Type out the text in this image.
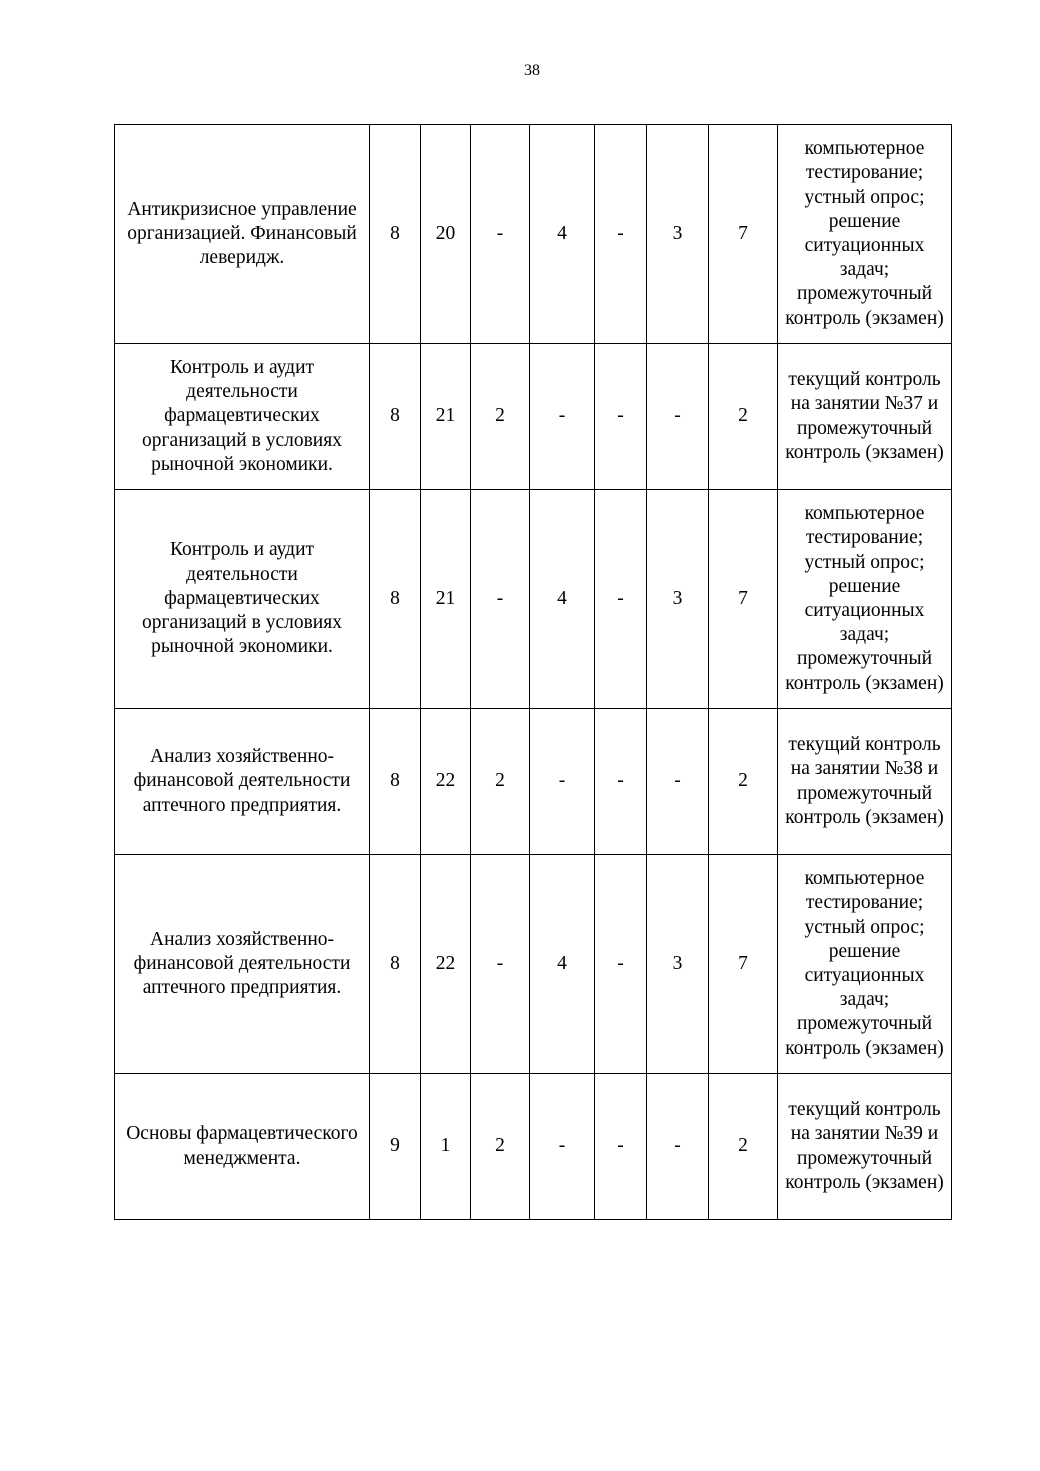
38
Антикризисное управление организацией. Финансовый леверидж.	8	20	-	4	-	3	7	компьютерное тестирование; устный опрос; решение ситуационных задач; промежуточный контроль (экзамен)
Контроль и аудит деятельности фармацевтических организаций в условиях рыночной экономики.	8	21	2	-	-	-	2	текущий контроль на занятии №37 и промежуточный контроль (экзамен)
Контроль и аудит деятельности фармацевтических организаций в условиях рыночной экономики.	8	21	-	4	-	3	7	компьютерное тестирование; устный опрос; решение ситуационных задач; промежуточный контроль (экзамен)
Анализ хозяйственно-финансовой деятельности аптечного предприятия.	8	22	2	-	-	-	2	текущий контроль на занятии №38 и промежуточный контроль (экзамен)
Анализ хозяйственно-финансовой деятельности аптечного предприятия.	8	22	-	4	-	3	7	компьютерное тестирование; устный опрос; решение ситуационных задач; промежуточный контроль (экзамен)
Основы фармацевтического менеджмента.	9	1	2	-	-	-	2	текущий контроль на занятии №39 и промежуточный контроль (экзамен)
